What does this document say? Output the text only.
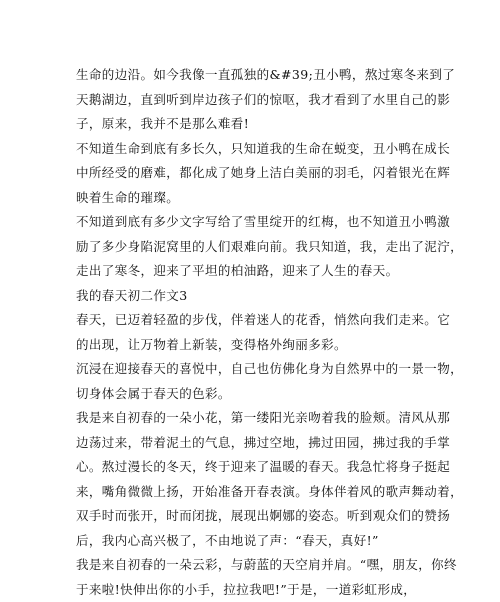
生命的边沿。如今我像一直孤独的&#39;丑小鸭，熬过寒冬来到了
天鹅湖边，直到听到岸边孩子们的惊呕，我才看到了水里自己的影
子，原来，我并不是那么难看!
不知道生命到底有多长久，只知道我的生命在蜕变，丑小鸭在成长
中所经受的磨难，都化成了她身上洁白美丽的羽毛，闪着银光在辉
映着生命的璀璨。
不知道到底有多少文字写给了雪里绽开的红梅，也不知道丑小鸭激
励了多少身陷泥窝里的人们艰难向前。我只知道，我，走出了泥泞，
走出了寒冬，迎来了平坦的柏油路，迎来了人生的春天。
我的春天初二作文3
春天，已迈着轻盈的步伐，伴着迷人的花香，悄然向我们走来。它
的出现，让万物着上新装，变得格外绚丽多彩。
沉浸在迎接春天的喜悦中，自己也仿佛化身为自然界中的一景一物，
切身体会属于春天的色彩。
我是来自初春的一朵小花，第一缕阳光亲吻着我的脸颊。清风从那
边荡过来，带着泥土的气息，拂过空地，拂过田园，拂过我的手掌
心。熬过漫长的冬天，终于迎来了温暖的春天。我急忙将身子挺起
来，嘴角微微上扬，开始准备开春表演。身体伴着风的歌声舞动着，
双手时而张开，时而闭拢，展现出婀娜的姿态。听到观众们的赞扬
后，我内心高兴极了，不由地说了声：“春天，真好!”
我是来自初春的一朵云彩，与蔚蓝的天空肩并肩。“嘿，朋友，你终
于来啦!快伸出你的小手，拉拉我吧!”于是，一道彩虹形成，
